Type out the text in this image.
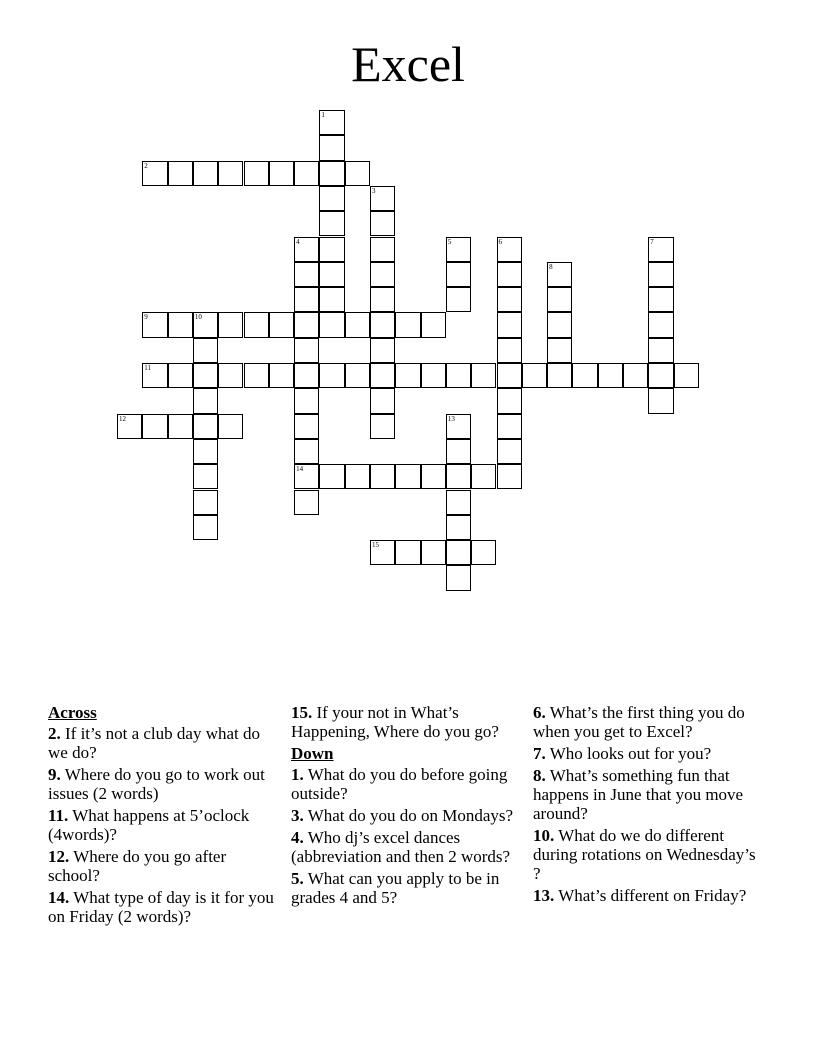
Excel
1
2
3
4	5	6	7
8
9	10
11
12	13
14
15
Across
2. If it’s not a club day what do we do?
9. Where do you go to work out issues (2 words)
11. What happens at 5’oclock (4words)?
12. Where do you go after school?
14. What type of day is it for you on Friday (2 words)?
15. If your not in What’s Happening, Where do you go?
Down
1. What do you do before going outside?
3. What do you do on Mondays?
4. Who dj’s excel dances (abbreviation and then 2 words?
5. What can you apply to be in grades 4 and 5?
6. What’s the first thing you do when you get to Excel?
7. Who looks out for you?
8. What’s something fun that happens in June that you move around?
10. What do we do different during rotations on Wednesday’s ?
13. What’s different on Friday?
